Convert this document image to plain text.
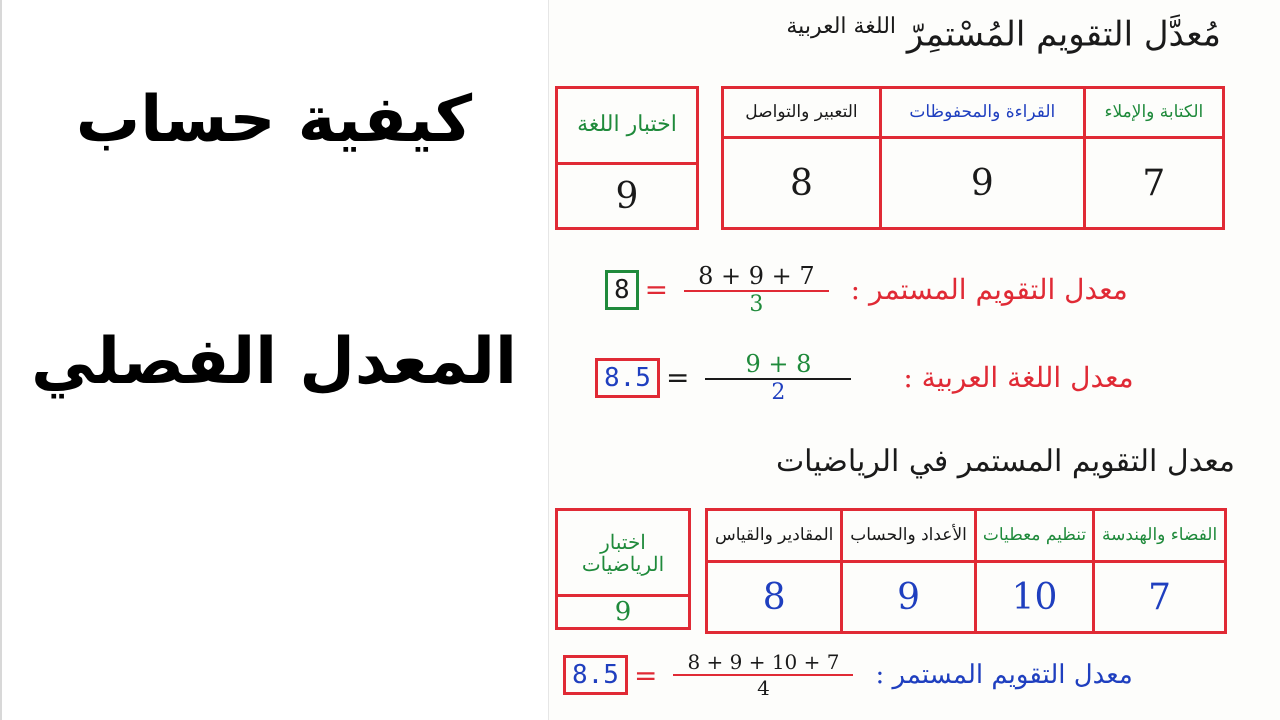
كيفية حساب
المعدل الفصلي
مُعدَّل التقويم المُسْتمِرّ $^{اللغة العربية}$
الكتابة والإملاء	القراءة والمحفوظات	التعبير والتواصل
7	9	8
اختبار اللغة
9
$8 = \frac{8 + 9 + 7}{3}$ معدل التقويم المستمر :
$8.5 = \frac{9 + 8}{2}$ معدل اللغة العربية :
معدل التقويم المستمر في الرياضيات
الفضاء والهندسة	تنظيم معطيات	الأعداد والحساب	المقادير والقياس
7	10	9	8
اختبار الرياضيات
9
$8.5 = \frac{8 + 9 + 10 + 7}{4}$ معدل التقويم المستمر :
